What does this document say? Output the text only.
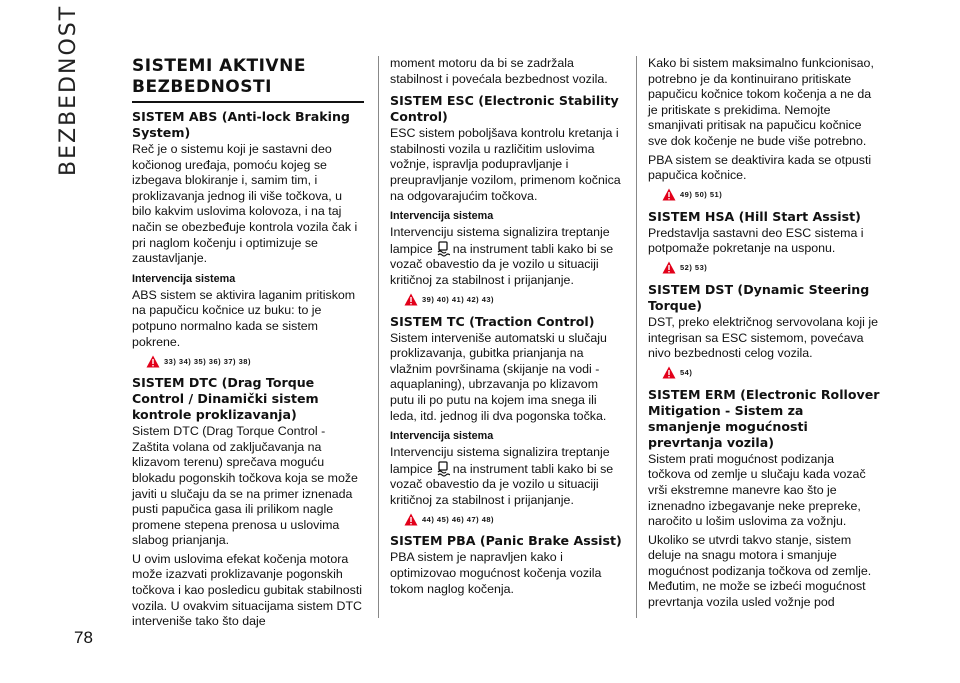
BEZBEDNOST
78
SISTEMI AKTIVNE BEZBEDNOSTI
SISTEM ABS (Anti-lock Braking System)

Reč je o sistemu koji je sastavni deo kočionog uređaja, pomoću kojeg se izbegava blokiranje i, samim tim, i proklizavanja jednog ili više točkova, u bilo kakvim uslovima kolovoza, i na taj način se obezbeđuje kontrola vozila čak i pri naglom kočenju i optimizuje se zaustavljanje.

Intervencija sistema

ABS sistem se aktivira laganim pritiskom na papučicu kočnice uz buku: to je potpuno normalno kada se sistem pokrene.

33) 34) 35) 36) 37) 38)
SISTEM DTC (Drag Torque Control / Dinamički sistem kontrole proklizavanja)

Sistem DTC (Drag Torque Control - Zaštita volana od zaključavanja na klizavom terenu) sprečava moguću blokadu pogonskih točkova koja se može javiti u slučaju da se na primer iznenada pusti papučica gasa ili prilikom nagle promene stepena prenosa u uslovima slabog prianjanja.

U ovim uslovima efekat kočenja motora može izazvati proklizavanje pogonskih točkova i kao posledicu gubitak stabilnosti vozila. U ovakvim situacijama sistem DTC interveniše tako što daje

moment motoru da bi se zadržala stabilnost i povećala bezbednost vozila.

SISTEM ESC (Electronic Stability Control)

ESC sistem poboljšava kontrolu kretanja i stabilnosti vozila u različitim uslovima vožnje, ispravlja podupravljanje i preupravljanje vozilom, primenom kočnica na odgovarajućim točkova.

Intervencija sistema

Intervenciju sistema signalizira treptanje lampice na instrument tabli kako bi se vozač obavestio da je vozilo u situaciji kritičnoj za stabilnost i prijanjanje.

39) 40) 41) 42) 43)
SISTEM TC (Traction Control)

Sistem interveniše automatski u slučaju proklizavanja, gubitka prianjanja na vlažnim površinama (skijanje na vodi - aquaplaning), ubrzavanja po klizavom putu ili po putu na kojem ima snega ili leda, itd. jednog ili dva pogonska točka.

Intervencija sistema

Intervenciju sistema signalizira treptanje lampice na instrument tabli kako bi se vozač obavestio da je vozilo u situaciji kritičnoj za stabilnost i prijanjanje.

44) 45) 46) 47) 48)
SISTEM PBA (Panic Brake Assist)

PBA sistem je napravljen kako i optimizovao mogućnost kočenja vozila tokom naglog kočenja.

Kako bi sistem maksimalno funkcionisao, potrebno je da kontinuirano pritiskate papučicu kočnice tokom kočenja a ne da je pritiskate s prekidima. Nemojte smanjivati pritisak na papučicu kočnice sve dok kočenje ne bude više potrebno.

PBA sistem se deaktivira kada se otpusti papučica kočnice.

49) 50) 51)
SISTEM HSA (Hill Start Assist)

Predstavlja sastavni deo ESC sistema i potpomaže pokretanje na usponu.

52) 53)
SISTEM DST (Dynamic Steering Torque)

DST, preko električnog servovolana koji je integrisan sa ESC sistemom, povećava nivo bezbednosti celog vozila.

54)
SISTEM ERM (Electronic Rollover Mitigation - Sistem za smanjenje mogućnosti prevrtanja vozila)

Sistem prati mogućnost podizanja točkova od zemlje u slučaju kada vozač vrši ekstremne manevre kao što je iznenadno izbegavanje neke prepreke, naročito u lošim uslovima za vožnju.

Ukoliko se utvrdi takvo stanje, sistem deluje na snagu motora i smanjuje mogućnost podizanja točkova od zemlje. Međutim, ne može se izbeći mogućnost prevrtanja vozila usled vožnje pod
